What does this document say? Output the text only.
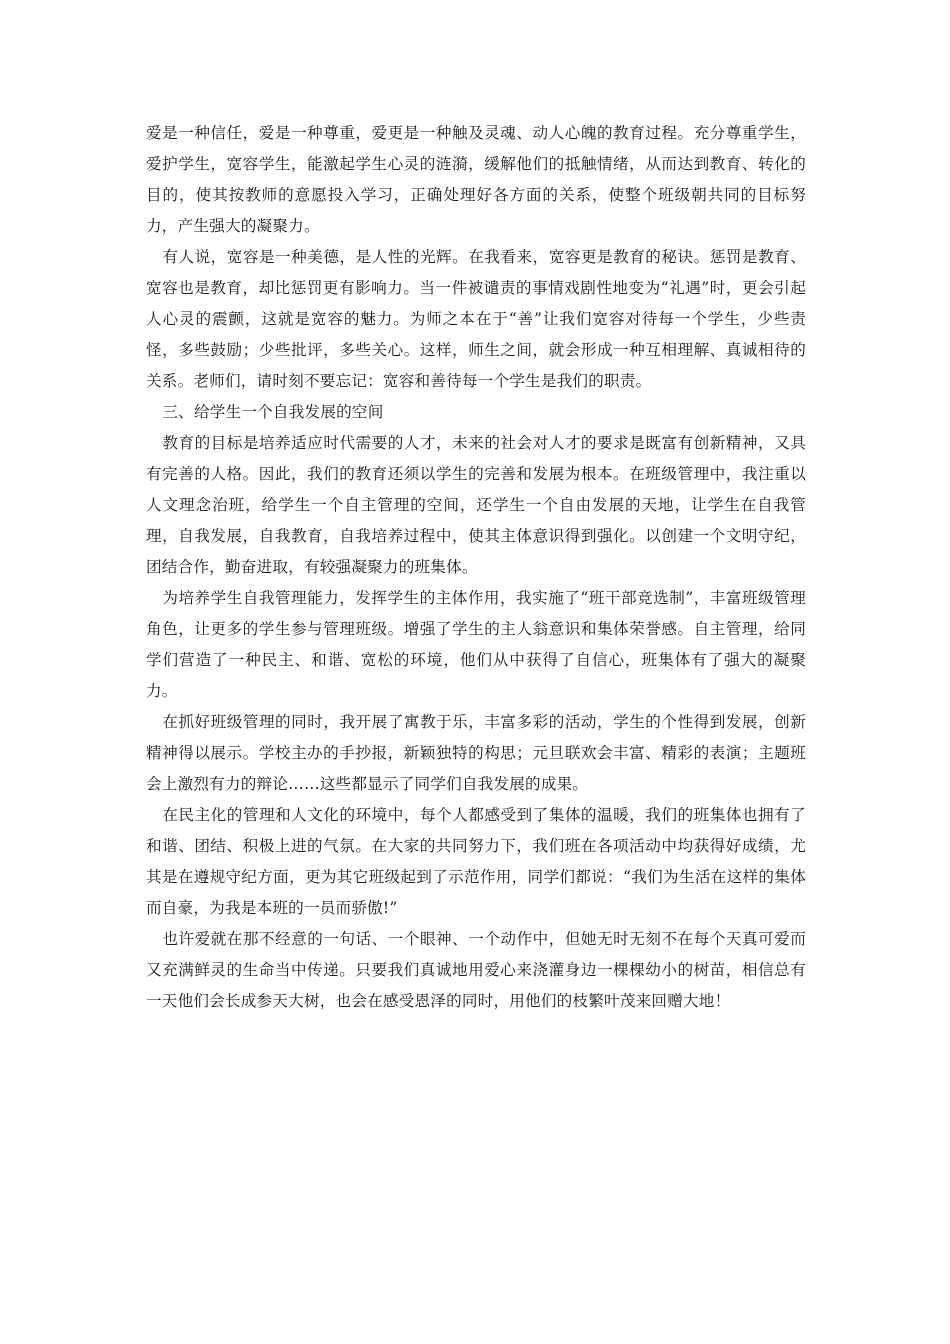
爱是一种信任，爱是一种尊重，爱更是一种触及灵魂、动人心魄的教育过程。充分尊重学生，爱护学生，宽容学生，能激起学生心灵的涟漪，缓解他们的抵触情绪，从而达到教育、转化的目的，使其按教师的意愿投入学习，正确处理好各方面的关系，使整个班级朝共同的目标努力，产生强大的凝聚力。

有人说，宽容是一种美德，是人性的光辉。在我看来，宽容更是教育的秘诀。惩罚是教育、宽容也是教育，却比惩罚更有影响力。当一件被谴责的事情戏剧性地变为“礼遇”时，更会引起人心灵的震颤，这就是宽容的魅力。为师之本在于“善”让我们宽容对待每一个学生，少些责怪，多些鼓励；少些批评，多些关心。这样，师生之间，就会形成一种互相理解、真诚相待的关系。老师们，请时刻不要忘记：宽容和善待每一个学生是我们的职责。

三、给学生一个自我发展的空间

教育的目标是培养适应时代需要的人才，未来的社会对人才的要求是既富有创新精神，又具有完善的人格。因此，我们的教育还须以学生的完善和发展为根本。在班级管理中，我注重以人文理念治班，给学生一个自主管理的空间，还学生一个自由发展的天地，让学生在自我管理，自我发展，自我教育，自我培养过程中，使其主体意识得到强化。以创建一个文明守纪，团结合作，勤奋进取，有较强凝聚力的班集体。

为培养学生自我管理能力，发挥学生的主体作用，我实施了“班干部竞选制”，丰富班级管理角色，让更多的学生参与管理班级。增强了学生的主人翁意识和集体荣誉感。自主管理，给同学们营造了一种民主、和谐、宽松的环境，他们从中获得了自信心，班集体有了强大的凝聚力。

在抓好班级管理的同时，我开展了寓教于乐，丰富多彩的活动，学生的个性得到发展，创新精神得以展示。学校主办的手抄报，新颖独特的构思；元旦联欢会丰富、精彩的表演；主题班会上激烈有力的辩论……这些都显示了同学们自我发展的成果。

在民主化的管理和人文化的环境中，每个人都感受到了集体的温暖，我们的班集体也拥有了和谐、团结、积极上进的气氛。在大家的共同努力下，我们班在各项活动中均获得好成绩，尤其是在遵规守纪方面，更为其它班级起到了示范作用，同学们都说：“我们为生活在这样的集体而自豪，为我是本班的一员而骄傲!”

也许爱就在那不经意的一句话、一个眼神、一个动作中，但她无时无刻不在每个天真可爱而又充满鲜灵的生命当中传递。只要我们真诚地用爱心来浇灌身边一棵棵幼小的树苗，相信总有一天他们会长成参天大树，也会在感受恩泽的同时，用他们的枝繁叶茂来回赠大地！
